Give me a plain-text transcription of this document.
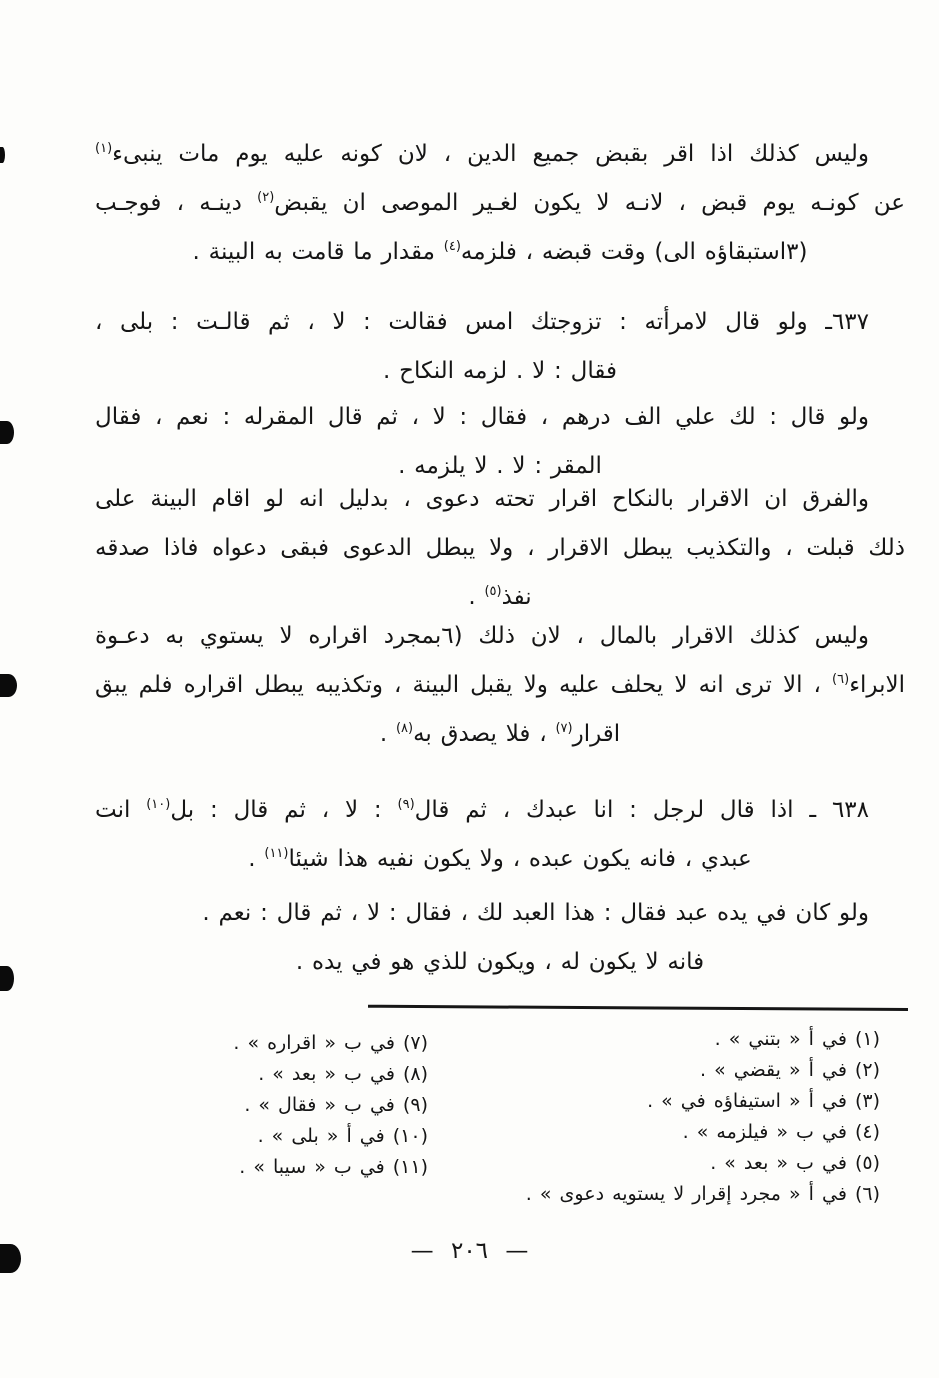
وليس كذلك اذا اقر بقبض جميع الدين ، لان كونه عليه يوم مات ينبىء$^{(١)}$
عن كونـه يوم قبض ، لانـه لا يكون لغـير الموصى ان يقبض$^{(٢)}$ دينـه ، فوجـب
(٣استبقاؤه الى) وقت قبضه ، فلزمه$^{(٤)}$ مقدار ما قامت به البينة .
٦٣٧ـ ولو قال لامرأته : تزوجتك امس فقالت : لا ، ثم قالـت : بلى ،
فقال : لا . لزمه النكاح .
ولو قال : لك علي الف درهم ، فقال : لا ، ثم قال المقرله : نعم ، فقال
المقر : لا . لا يلزمه .
والفرق ان الاقرار بالنكاح اقرار تحته دعوى ، بدليل انه لو اقام البينة على
ذلك قبلت ، والتكذيب يبطل الاقرار ، ولا يبطل الدعوى فبقى دعواه فاذا صدقه
نفذ$^{(٥)}$ .
وليس كذلك الاقرار بالمال ، لان ذلك (٦بمجرد اقراره لا يستوي به دعـوة
الابراء$^{(٦)}$ ، الا ترى انه لا يحلف عليه ولا يقبل البينة ، وتكذيبه يبطل اقراره فلم يبق
اقرار$^{(٧)}$ ، فلا يصدق به$^{(٨)}$ .
٦٣٨ ـ اذا قال لرجل : انا عبدك ، ثم قال$^{(٩)}$ : لا ، ثم قال : بل$^{(١٠)}$ انت
عبدي ، فانه يكون عبده ، ولا يكون نفيه هذا شيئا$^{(١١)}$ .
ولو كان في يده عبد فقال : هذا العبد لك ، فقال : لا ، ثم قال : نعم .
فانه لا يكون له ، ويكون للذي هو في يده .
(١) في أ « بتني » .
(٢) في أ « يقضي » .
(٣) في أ « استيفاؤه في » .
(٤) في ب « فيلزمه » .
(٥) في ب « بعد » .
(٦) في أ « مجرد إقرار لا يستويه دعوى » .
(٧) في ب « اقراره » .
(٨) في ب « بعد » .
(٩) في ب « فقال » .
(١٠) في أ « بلى » .
(١١) في ب « سيبا » .
— ٢٠٦ —
